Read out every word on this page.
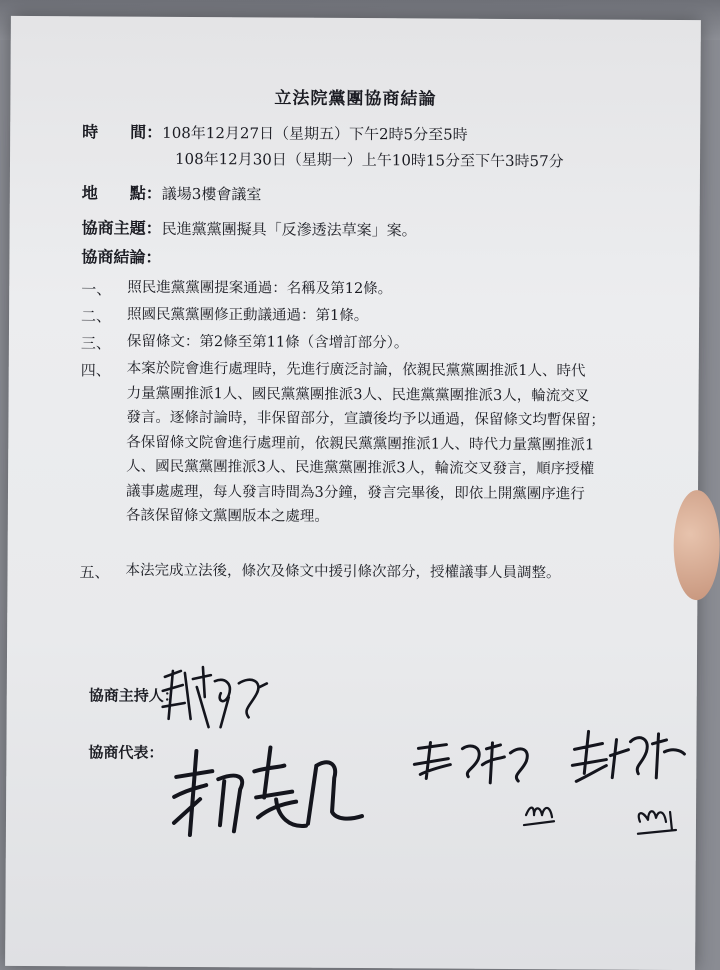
立法院黨團協商結論
時　　間：108年12月27日（星期五）下午2時5分至5時
108年12月30日（星期一）上午10時15分至下午3時57分
地　　點：議場3樓會議室
協商主題：民進黨黨團擬具「反滲透法草案」案。
協商結論：
一、 照民進黨黨團提案通過：名稱及第12條。
二、 照國民黨黨團修正動議通過：第1條。
三、 保留條文：第2條至第11條（含增訂部分）。
四、 本案於院會進行處理時，先進行廣泛討論，依親民黨黨團推派1人、時代
力量黨團推派1人、國民黨黨團推派3人、民進黨黨團推派3人，輪流交叉
發言。逐條討論時，非保留部分，宣讀後均予以通過，保留條文均暫保留；
各保留條文院會進行處理前，依親民黨黨團推派1人、時代力量黨團推派1
人、國民黨黨團推派3人、民進黨黨團推派3人，輪流交叉發言，順序授權
議事處處理，每人發言時間為3分鐘，發言完畢後，即依上開黨團序進行
各該保留條文黨團版本之處理。
五、 本法完成立法後，條次及條文中援引條次部分，授權議事人員調整。
協商主持人：
協商代表：
